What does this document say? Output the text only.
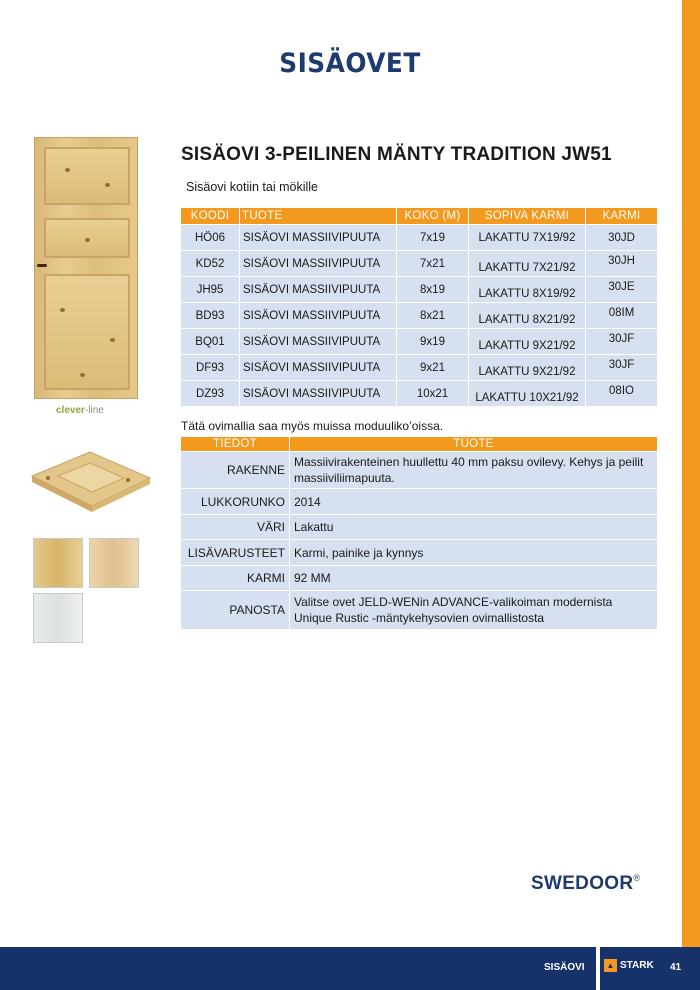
SISÄOVET
clever-line
SISÄOVI 3-PEILINEN MÄNTY TRADITION JW51
Sisäovi kotiin tai mökille
KOODI	TUOTE	KOKO (M)	SOPIVA KARMI	KARMI
HÖ06	SISÄOVI MASSIIVIPUUTA	7x19	LAKATTU 7X19/92	30JD
KD52	SISÄOVI MASSIIVIPUUTA	7x21	LAKATTU 7X21/92	30JH
JH95	SISÄOVI MASSIIVIPUUTA	8x19	LAKATTU 8X19/92	30JE
BD93	SISÄOVI MASSIIVIPUUTA	8x21	LAKATTU 8X21/92	08IM
BQ01	SISÄOVI MASSIIVIPUUTA	9x19	LAKATTU 9X21/92	30JF
DF93	SISÄOVI MASSIIVIPUUTA	9x21	LAKATTU 9X21/92	30JF
DZ93	SISÄOVI MASSIIVIPUUTA	10x21	LAKATTU 10X21/92	08IO
Tätä ovimallia saa myös muissa moduuliko’oissa.
TIEDOT	TUOTE
RAKENNE	Massiivirakenteinen huullettu 40 mm paksu ovilevy. Kehys ja peilit massiiviliimapuuta.
LUKKORUNKO	2014
VÄRI	Lakattu
LISÄVARUSTEET	Karmi, painike ja kynnys
KARMI	92 MM
PANOSTA	Valitse ovet JELD-WENin ADVANCE-valikoiman modernista Unique Rustic -mäntykehysovien ovimallistosta
SWEDOOR®
SISÄOVI	▲ STARK 41
